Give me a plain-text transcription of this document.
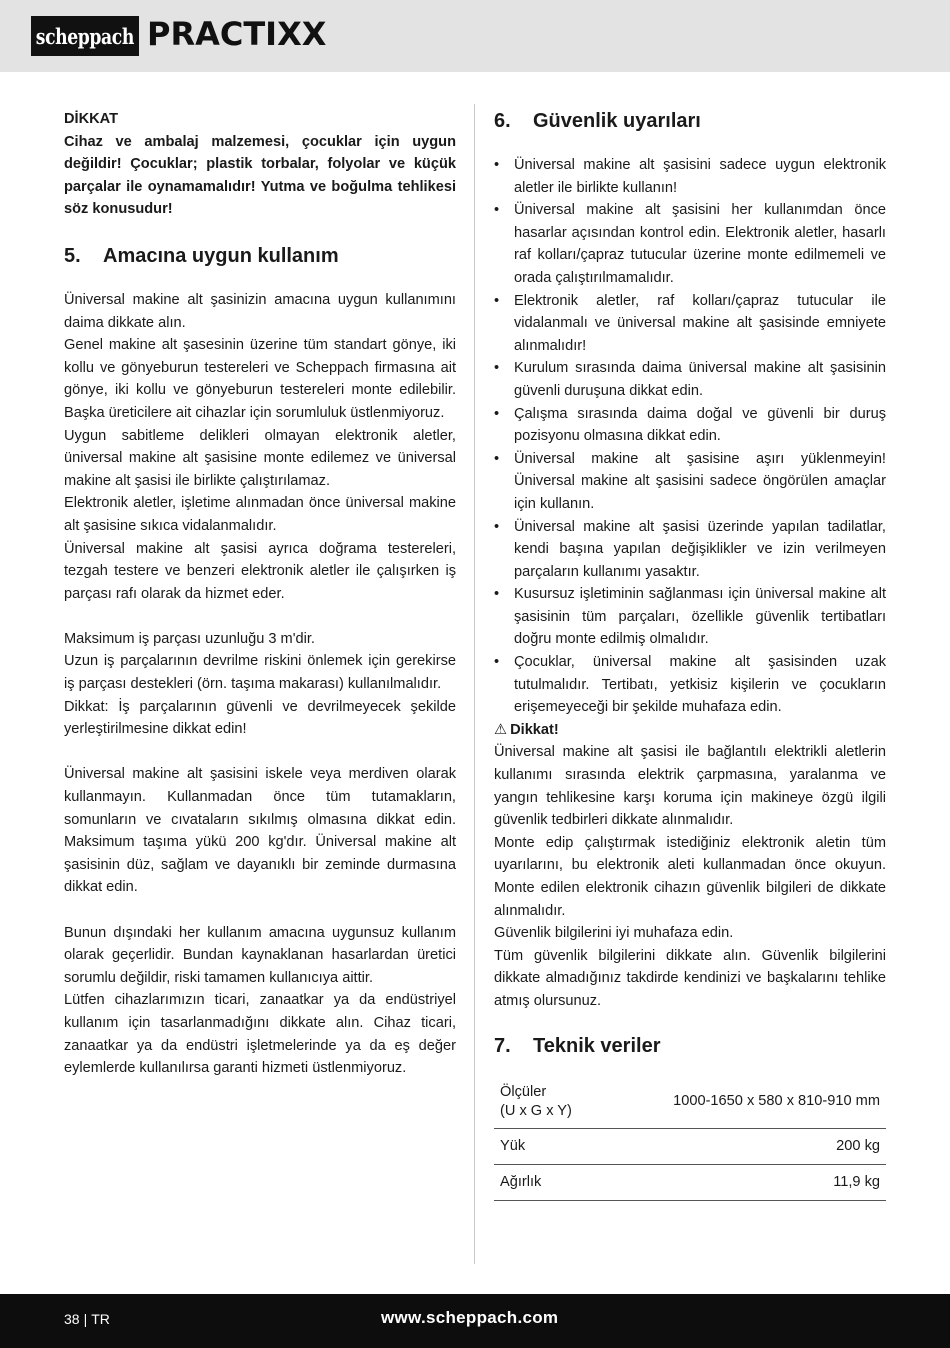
scheppach PRACTIXX

DİKKAT

Cihaz ve ambalaj malzemesi, çocuklar için uygun değildir! Çocuklar; plastik torbalar, folyolar ve küçük parçalar ile oynamamalıdır! Yutma ve boğulma tehlikesi söz konusudur!

5.	Amacına uygun kullanım

Üniversal makine alt şasinizin amacına uygun kullanımını daima dikkate alın.

Genel makine alt şasesinin üzerine tüm standart gönye, iki kollu ve gönyeburun testereleri ve Scheppach firmasına ait gönye, iki kollu ve gönyeburun testereleri monte edilebilir. Başka üreticilere ait cihazlar için sorumluluk üstlenmiyoruz.

Uygun sabitleme delikleri olmayan elektronik aletler, üniversal makine alt şasisine monte edilemez ve üniversal makine alt şasisi ile birlikte çalıştırılamaz.

Elektronik aletler, işletime alınmadan önce üniversal makine alt şasisine sıkıca vidalanmalıdır.

Üniversal makine alt şasisi ayrıca doğrama testereleri, tezgah testere ve benzeri elektronik aletler ile çalışırken iş parçası rafı olarak da hizmet eder.

Maksimum iş parçası uzunluğu 3 m'dir.

Uzun iş parçalarının devrilme riskini önlemek için gerekirse iş parçası destekleri (örn. taşıma makarası) kullanılmalıdır.

Dikkat: İş parçalarının güvenli ve devrilmeyecek şekilde yerleştirilmesine dikkat edin!

Üniversal makine alt şasisini iskele veya merdiven olarak kullanmayın. Kullanmadan önce tüm tutamakların, somunların ve cıvataların sıkılmış olmasına dikkat edin. Maksimum taşıma yükü 200 kg'dır. Üniversal makine alt şasisinin düz, sağlam ve dayanıklı bir zeminde durmasına dikkat edin.

Bunun dışındaki her kullanım amacına uygunsuz kullanım olarak geçerlidir. Bundan kaynaklanan hasarlardan üretici sorumlu değildir, riski tamamen kullanıcıya aittir.

Lütfen cihazlarımızın ticari, zanaatkar ya da endüstriyel kullanım için tasarlanmadığını dikkate alın. Cihaz ticari, zanaatkar ya da endüstri işletmelerinde ya da eş değer eylemlerde kullanılırsa garanti hizmeti üstlenmiyoruz.

6.	Güvenlik uyarıları
• Üniversal makine alt şasisini sadece uygun elektronik aletler ile birlikte kullanın!
• Üniversal makine alt şasisini her kullanımdan önce hasarlar açısından kontrol edin. Elektronik aletler, hasarlı raf kolları/çapraz tutucular üzerine monte edilmemeli ve orada çalıştırılmamalıdır.
• Elektronik aletler, raf kolları/çapraz tutucular ile vidalanmalı ve üniversal makine alt şasisinde emniyete alınmalıdır!
• Kurulum sırasında daima üniversal makine alt şasisinin güvenli duruşuna dikkat edin.
• Çalışma sırasında daima doğal ve güvenli bir duruş pozisyonu olmasına dikkat edin.
• Üniversal makine alt şasisine aşırı yüklenmeyin! Üniversal makine alt şasisini sadece öngörülen amaçlar için kullanın.
• Üniversal makine alt şasisi üzerinde yapılan tadilatlar, kendi başına yapılan değişiklikler ve izin verilmeyen parçaların kullanımı yasaktır.
• Kusursuz işletiminin sağlanması için üniversal makine alt şasisinin tüm parçaları, özellikle güvenlik tertibatları doğru monte edilmiş olmalıdır.
• Çocuklar, üniversal makine alt şasisinden uzak tutulmalıdır. Tertibatı, yetkisiz kişilerin ve çocukların erişemeyeceği bir şekilde muhafaza edin.

⚠ Dikkat!

Üniversal makine alt şasisi ile bağlantılı elektrikli aletlerin kullanımı sırasında elektrik çarpmasına, yaralanma ve yangın tehlikesine karşı koruma için makineye özgü ilgili güvenlik tedbirleri dikkate alınmalıdır.

Monte edip çalıştırmak istediğiniz elektronik aletin tüm uyarılarını, bu elektronik aleti kullanmadan önce okuyun. Monte edilen elektronik cihazın güvenlik bilgileri de dikkate alınmalıdır.

Güvenlik bilgilerini iyi muhafaza edin.

Tüm güvenlik bilgilerini dikkate alın. Güvenlik bilgilerini dikkate almadığınız takdirde kendinizi ve başkalarını tehlike atmış olursunuz.

7.	Teknik veriler
Ölçüler
(U x G x Y)	1000-1650 x 580 x 810-910 mm
Yük	200 kg
Ağırlık	11,9 kg
38 | TR	www.scheppach.com
